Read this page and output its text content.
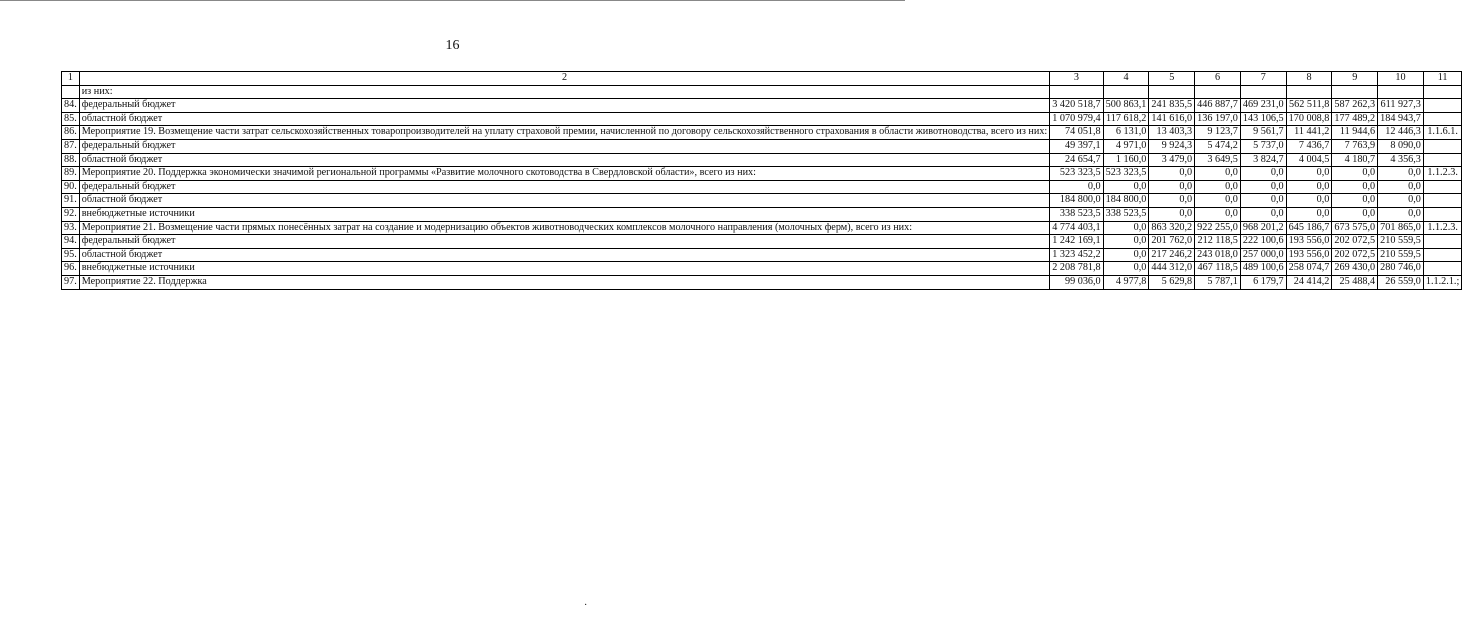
16
1	2	3	4	5	6	7	8	9	10	11
	из них:									
84.	федеральный бюджет	3 420 518,7	500 863,1	241 835,5	446 887,7	469 231,0	562 511,8	587 262,3	611 927,3	
85.	областной бюджет	1 070 979,4	117 618,2	141 616,0	136 197,0	143 106,5	170 008,8	177 489,2	184 943,7	
86.	Мероприятие 19. Возмещение части затрат сельскохозяйственных товаропроизводителей на уплату страховой премии, начисленной по договору сельскохозяйственного страхования в области животноводства, всего из них:	74 051,8	6 131,0	13 403,3	9 123,7	9 561,7	11 441,2	11 944,6	12 446,3	1.1.6.1.
87.	федеральный бюджет	49 397,1	4 971,0	9 924,3	5 474,2	5 737,0	7 436,7	7 763,9	8 090,0	
88.	областной бюджет	24 654,7	1 160,0	3 479,0	3 649,5	3 824,7	4 004,5	4 180,7	4 356,3	
89.	Мероприятие 20. Поддержка экономически значимой региональной программы «Развитие молочного скотоводства в Свердловской области», всего из них:	523 323,5	523 323,5	0,0	0,0	0,0	0,0	0,0	0,0	1.1.2.3.
90.	федеральный бюджет	0,0	0,0	0,0	0,0	0,0	0,0	0,0	0,0	
91.	областной бюджет	184 800,0	184 800,0	0,0	0,0	0,0	0,0	0,0	0,0	
92.	внебюджетные источники	338 523,5	338 523,5	0,0	0,0	0,0	0,0	0,0	0,0	
93.	Мероприятие 21. Возмещение части прямых понесённых затрат на создание и модернизацию объектов животноводческих комплексов молочного направления (молочных ферм), всего из них:	4 774 403,1	0,0	863 320,2	922 255,0	968 201,2	645 186,7	673 575,0	701 865,0	1.1.2.3.
94.	федеральный бюджет	1 242 169,1	0,0	201 762,0	212 118,5	222 100,6	193 556,0	202 072,5	210 559,5	
95.	областной бюджет	1 323 452,2	0,0	217 246,2	243 018,0	257 000,0	193 556,0	202 072,5	210 559,5	
96.	внебюджетные источники	2 208 781,8	0,0	444 312,0	467 118,5	489 100,6	258 074,7	269 430,0	280 746,0	
97.	Мероприятие 22. Поддержка	99 036,0	4 977,8	5 629,8	5 787,1	6 179,7	24 414,2	25 488,4	26 559,0	1.1.2.1.;
·
